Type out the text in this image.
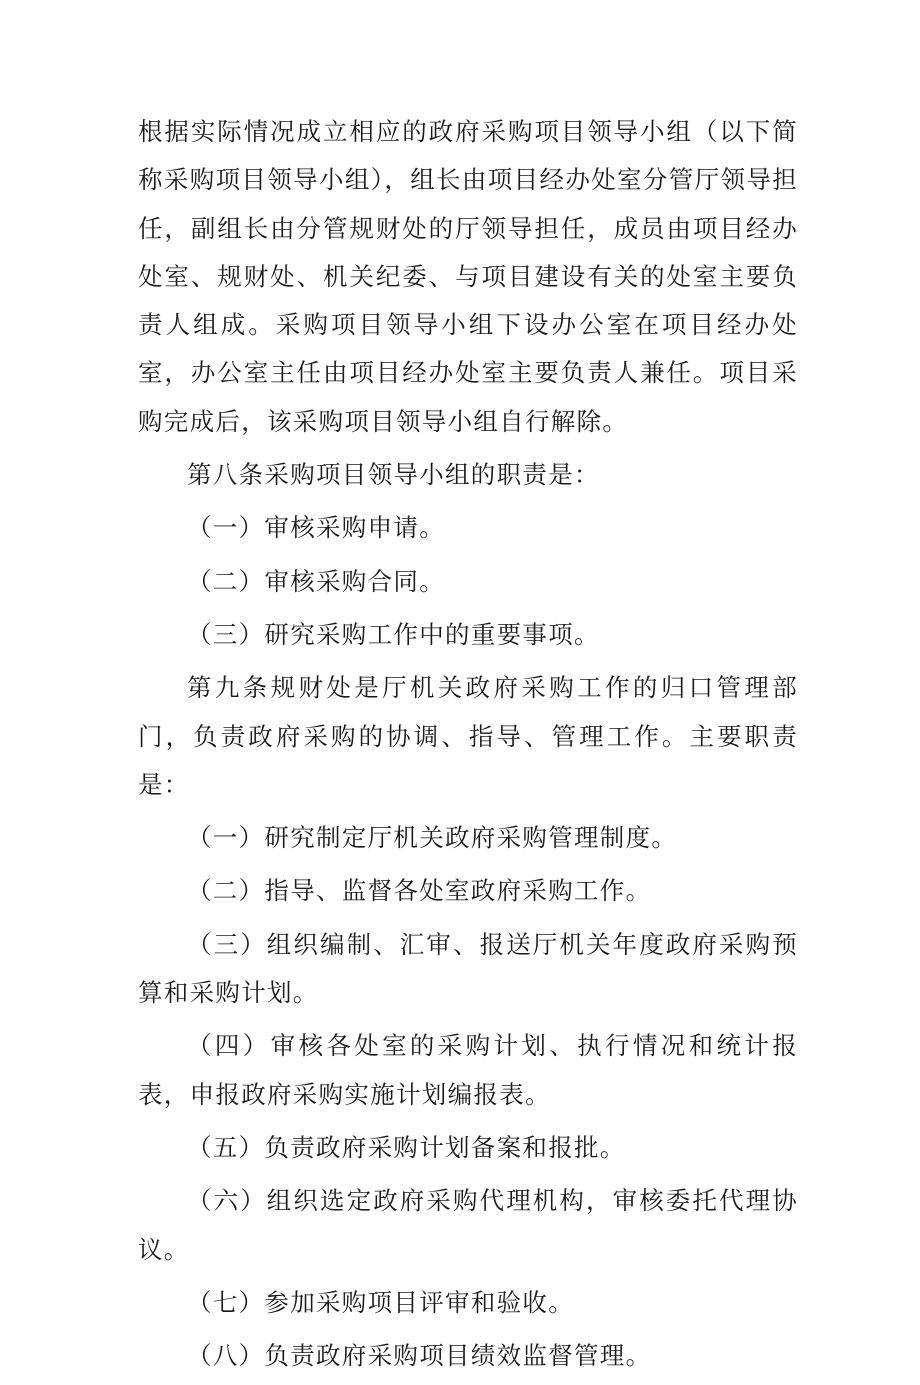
根据实际情况成立相应的政府采购项目领导小组（以下简称采购项目领导小组），组长由项目经办处室分管厅领导担任，副组长由分管规财处的厅领导担任，成员由项目经办处室、规财处、机关纪委、与项目建设有关的处室主要负责人组成。采购项目领导小组下设办公室在项目经办处室，办公室主任由项目经办处室主要负责人兼任。项目采购完成后，该采购项目领导小组自行解除。

第八条采购项目领导小组的职责是：

（一）审核采购申请。

（二）审核采购合同。

（三）研究采购工作中的重要事项。

第九条规财处是厅机关政府采购工作的归口管理部门，负责政府采购的协调、指导、管理工作。主要职责是：

（一）研究制定厅机关政府采购管理制度。

（二）指导、监督各处室政府采购工作。

（三）组织编制、汇审、报送厅机关年度政府采购预算和采购计划。

（四）审核各处室的采购计划、执行情况和统计报表，申报政府采购实施计划编报表。

（五）负责政府采购计划备案和报批。

（六）组织选定政府采购代理机构，审核委托代理协议。

（七）参加采购项目评审和验收。

（八）负责政府采购项目绩效监督管理。
